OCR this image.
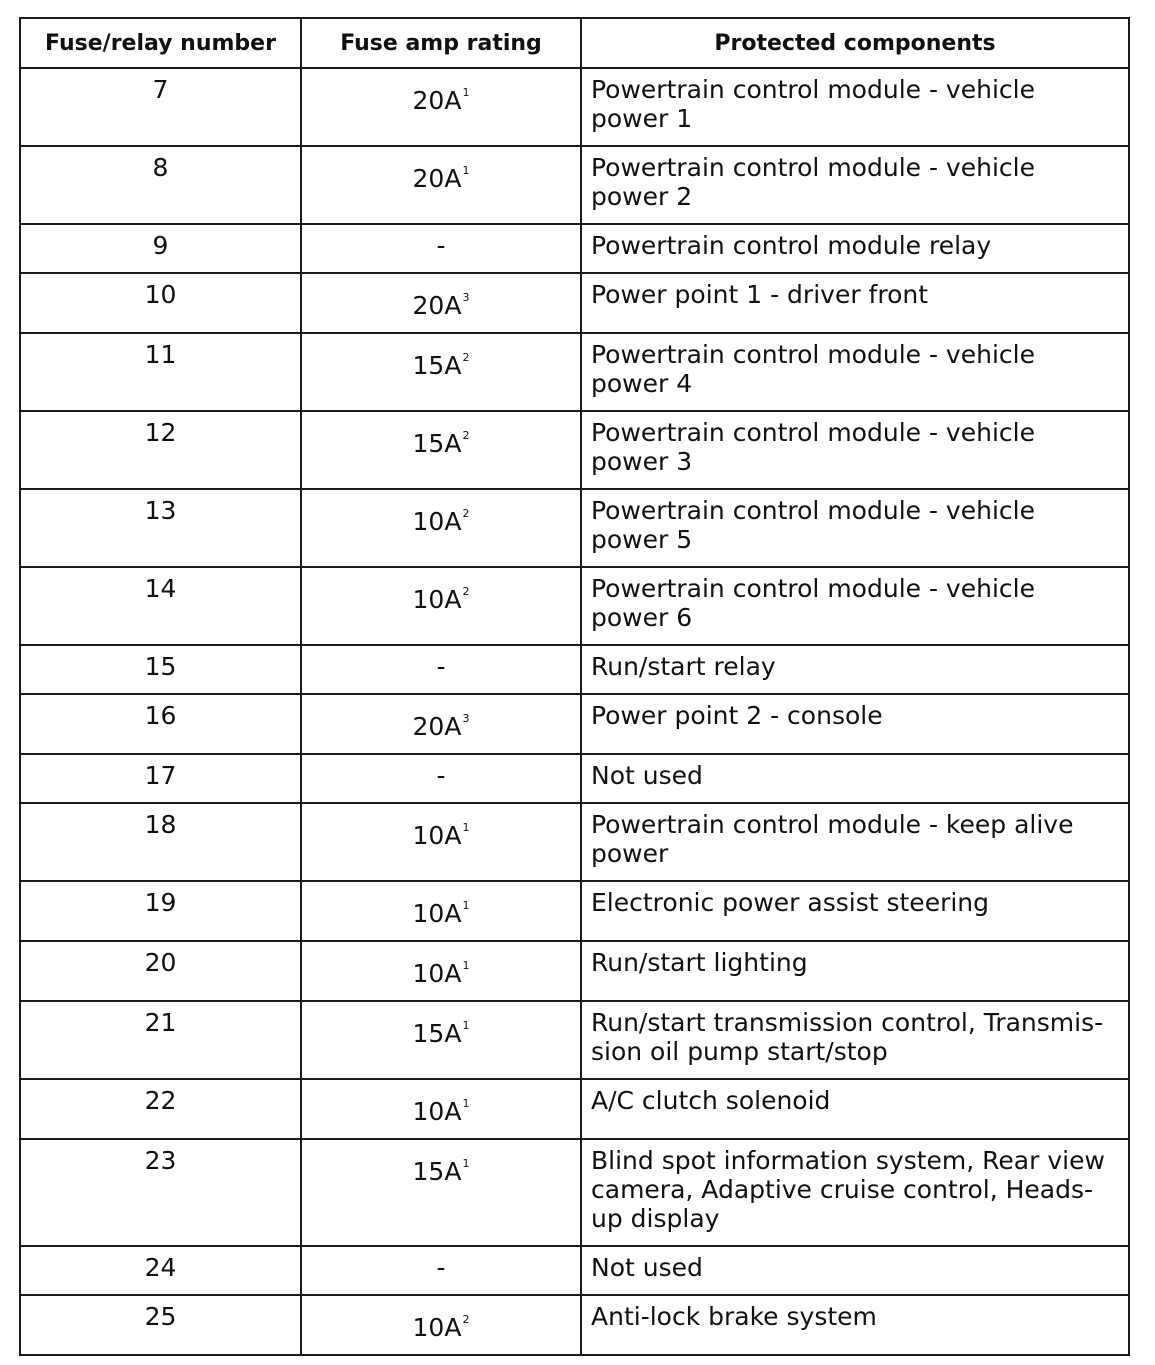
Fuse/relay number	Fuse amp rating	Protected components
7	20A$^1$	Powertrain control module - vehicle power 1
8	20A$^1$	Powertrain control module - vehicle power 2
9	-	Powertrain control module relay
10	20A$^3$	Power point 1 - driver front
11	15A$^2$	Powertrain control module - vehicle power 4
12	15A$^2$	Powertrain control module - vehicle power 3
13	10A$^2$	Powertrain control module - vehicle power 5
14	10A$^2$	Powertrain control module - vehicle power 6
15	-	Run/start relay
16	20A$^3$	Power point 2 - console
17	-	Not used
18	10A$^1$	Powertrain control module - keep alive power
19	10A$^1$	Electronic power assist steering
20	10A$^1$	Run/start lighting
21	15A$^1$	Run/start transmission control, Transmis-sion oil pump start/stop
22	10A$^1$	A/C clutch solenoid
23	15A$^1$	Blind spot information system, Rear view camera, Adaptive cruise control, Heads-up display
24	-	Not used
25	10A$^2$	Anti-lock brake system
